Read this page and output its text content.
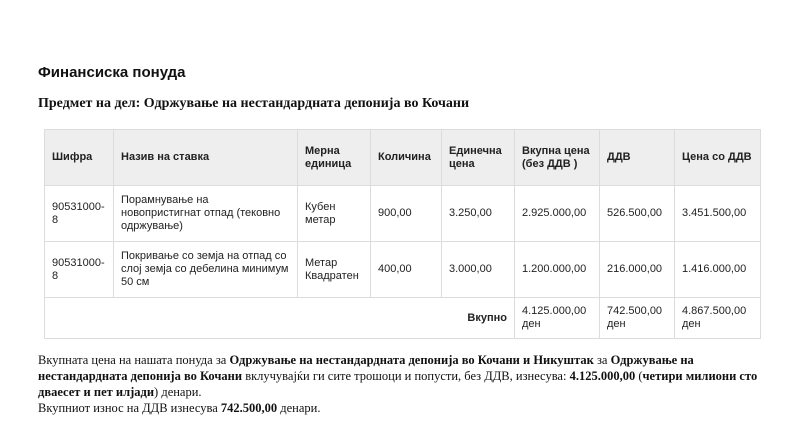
Финансиска понуда
Предмет на дел: Одржување на нестандардната депонија во Кочани
Шифра	Назив на ставка	Мерна единица	Количина	Единечна цена	Вкупна цена (без ДДВ )	ДДВ	Цена со ДДВ
90531000-8	Порамнување на новопристигнат отпад (тековно одржување)	Кубен метар	900,00	3.250,00	2.925.000,00	526.500,00	3.451.500,00
90531000-8	Покривање со земја на отпад со слој земја со дебелина минимум 50 см	Метар Квадратен	400,00	3.000,00	1.200.000,00	216.000,00	1.416.000,00
Вкупно					4.125.000,00 ден	742.500,00 ден	4.867.500,00 ден

Вкупната цена на нашата понуда за Одржување на нестандардната депонија во Кочани и Никуштак за Одржување на нестандардната депонија во Кочани вклучувајќи ги сите трошоци и попусти, без ДДВ, изнесува: 4.125.000,00 (четири милиони сто дваесет и пет илјади) денари.

Вкупниот износ на ДДВ изнесува 742.500,00 денари.
